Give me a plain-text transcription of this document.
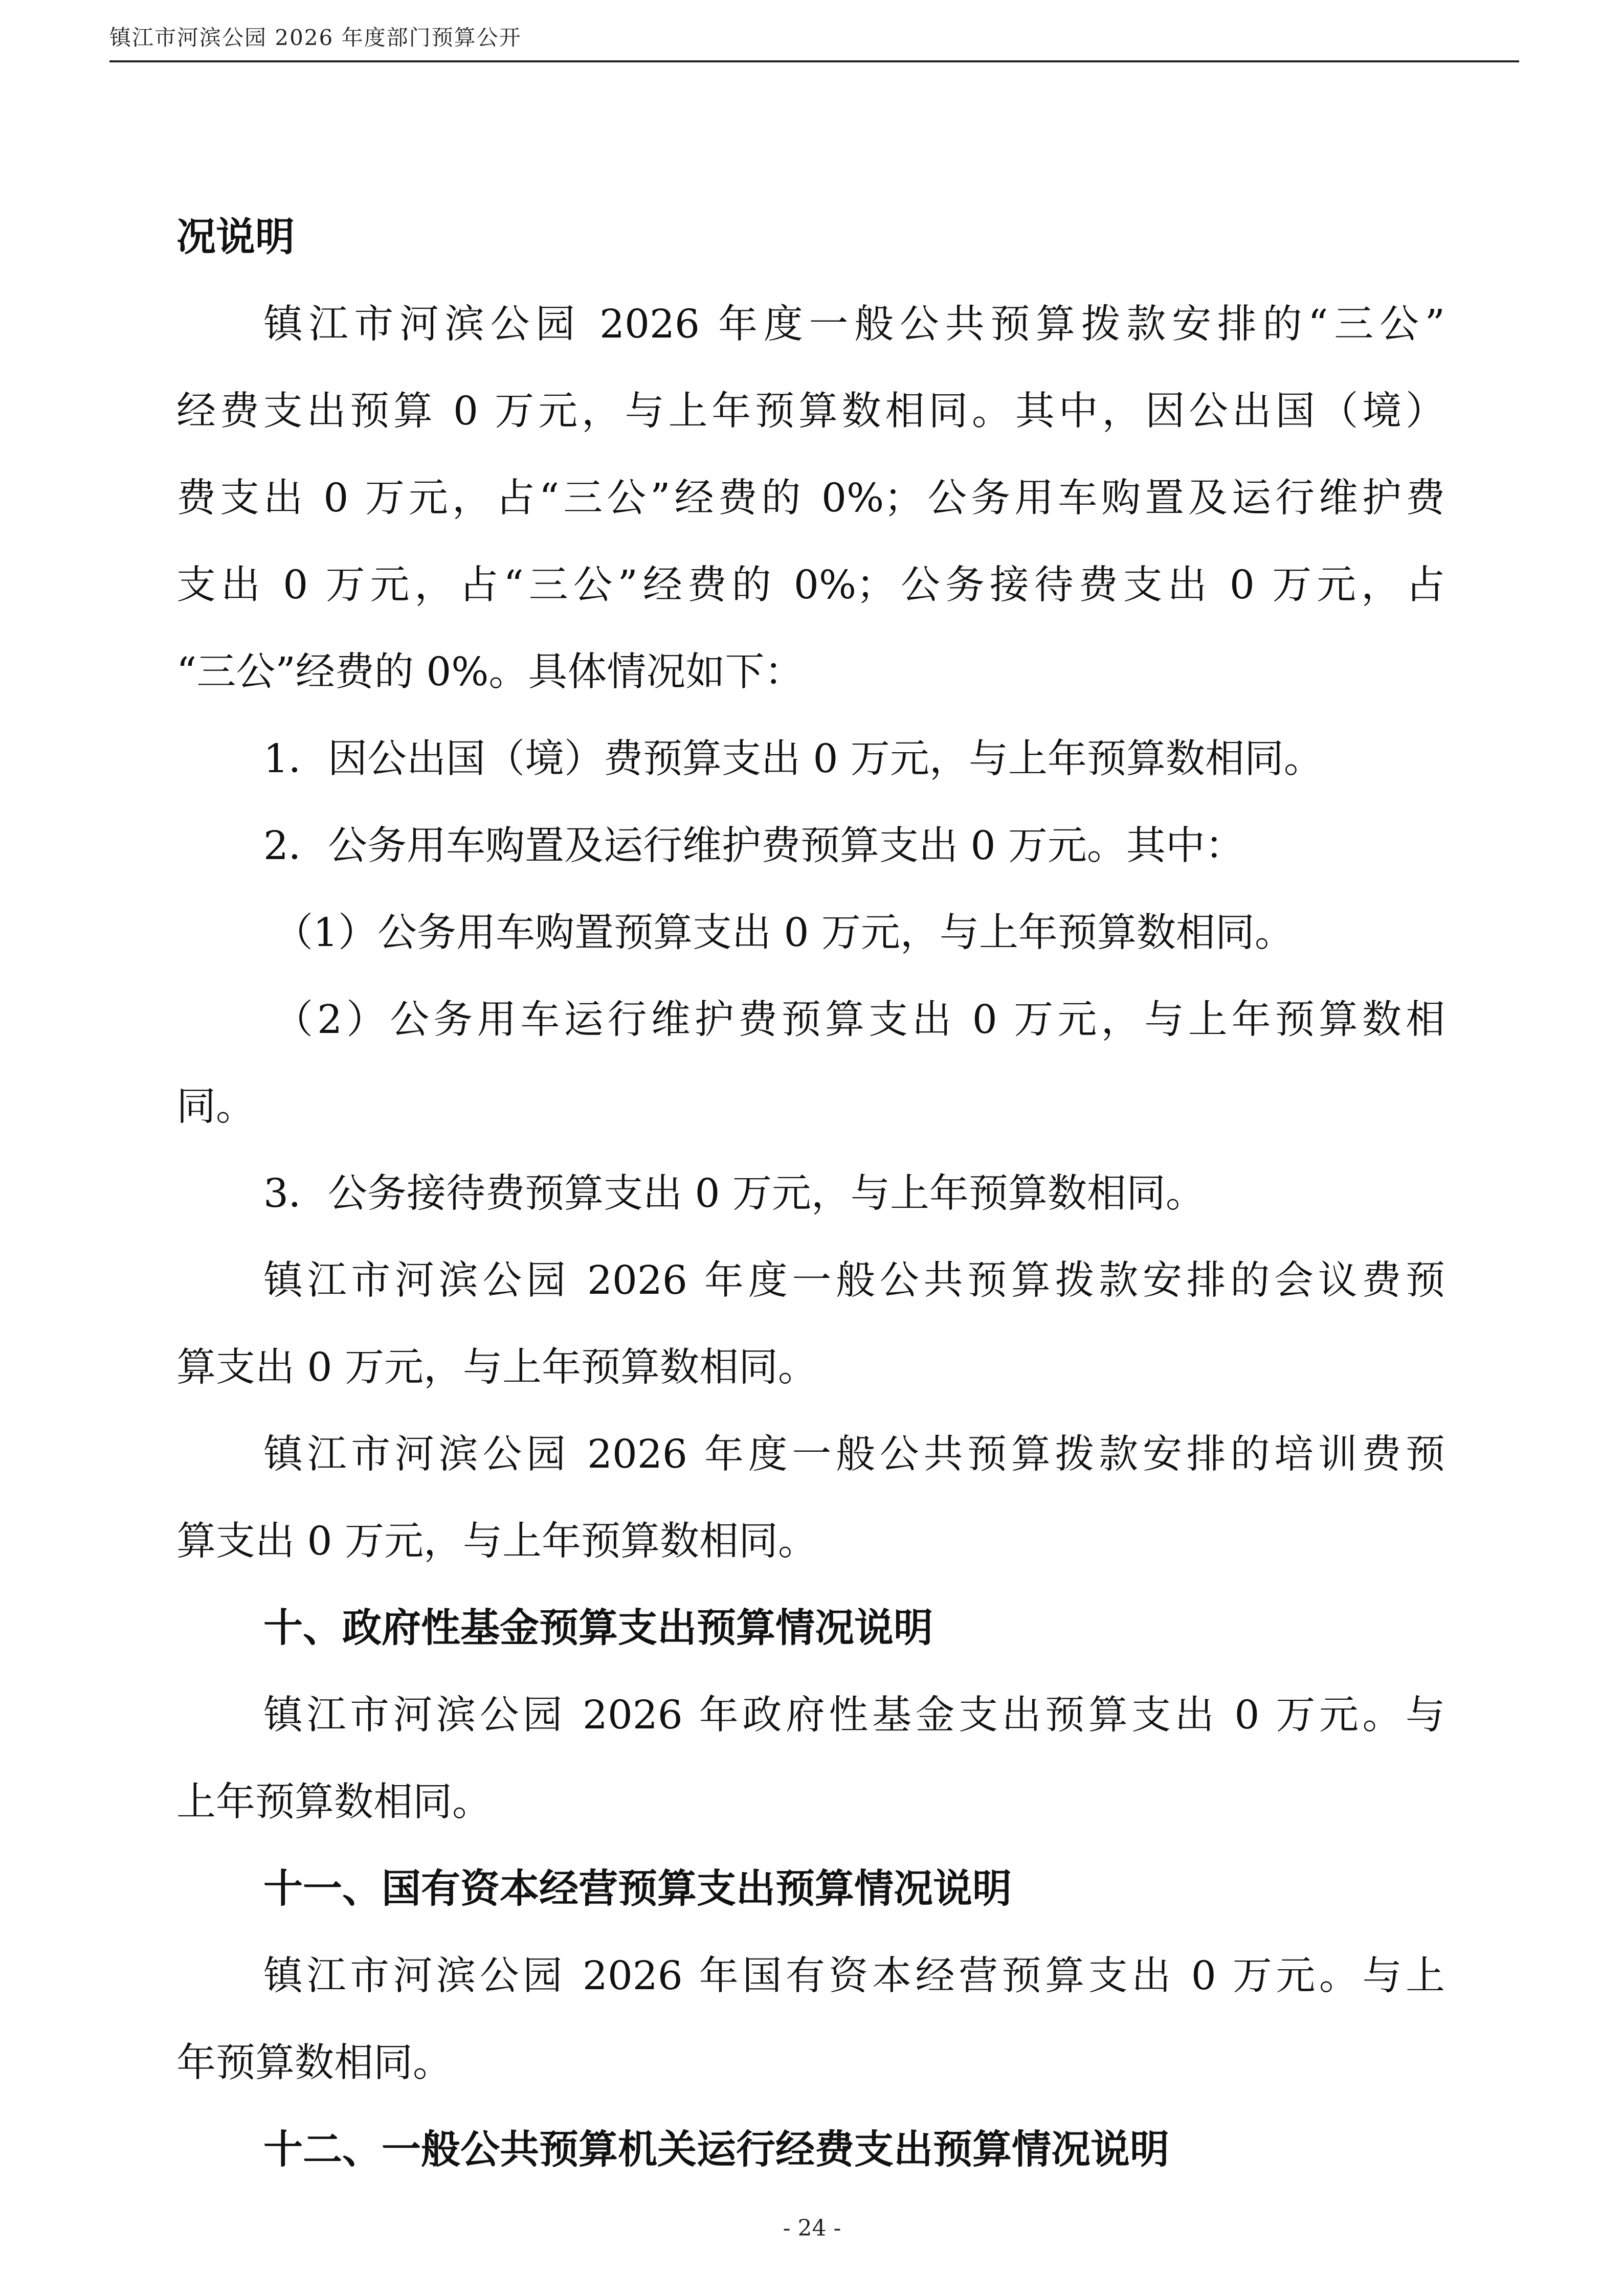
镇江市河滨公园 2026 年度部门预算公开
况说明
镇江市河滨公园 2026 年度一般公共预算拨款安排的“三公”
经费支出预算 0 万元，与上年预算数相同。其中，因公出国（境）
费支出 0 万元，占“三公”经费的 0%；公务用车购置及运行维护费
支出 0 万元，占“三公”经费的 0%；公务接待费支出 0 万元，占
“三公”经费的 0%。具体情况如下：
1．因公出国（境）费预算支出 0 万元，与上年预算数相同。
2．公务用车购置及运行维护费预算支出 0 万元。其中：
（1）公务用车购置预算支出 0 万元，与上年预算数相同。
（2）公务用车运行维护费预算支出 0 万元，与上年预算数相
同。
3．公务接待费预算支出 0 万元，与上年预算数相同。
镇江市河滨公园 2026 年度一般公共预算拨款安排的会议费预
算支出 0 万元，与上年预算数相同。
镇江市河滨公园 2026 年度一般公共预算拨款安排的培训费预
算支出 0 万元，与上年预算数相同。
十、政府性基金预算支出预算情况说明
镇江市河滨公园 2026 年政府性基金支出预算支出 0 万元。与
上年预算数相同。
十一、国有资本经营预算支出预算情况说明
镇江市河滨公园 2026 年国有资本经营预算支出 0 万元。与上
年预算数相同。
十二、一般公共预算机关运行经费支出预算情况说明
- 24 -
